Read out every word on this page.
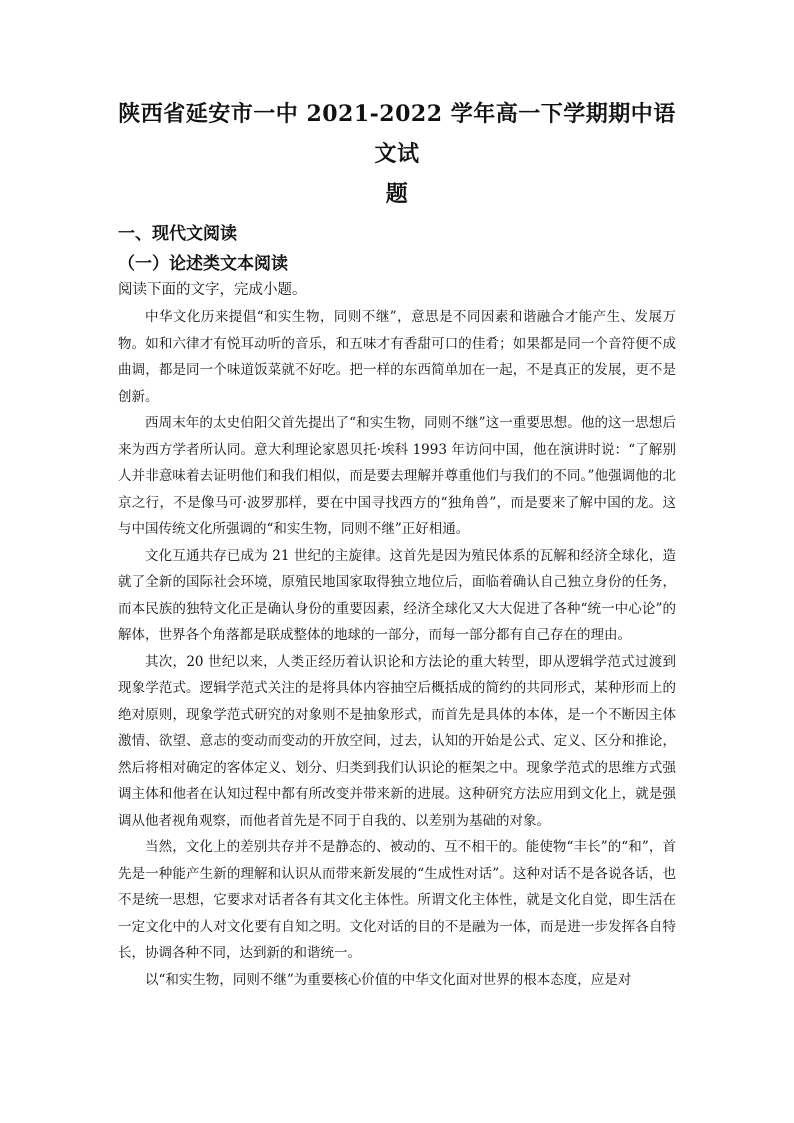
陕西省延安市一中 2021-2022 学年高一下学期期中语文试
题
一、现代文阅读
（一）论述类文本阅读
阅读下面的文字，完成小题。

中华文化历来提倡“和实生物，同则不继”，意思是不同因素和谐融合才能产生、发展万物。如和六律才有悦耳动听的音乐，和五味才有香甜可口的佳肴；如果都是同一个音符便不成曲调，都是同一个味道饭菜就不好吃。把一样的东西简单加在一起，不是真正的发展，更不是创新。

西周末年的太史伯阳父首先提出了“和实生物，同则不继”这一重要思想。他的这一思想后来为西方学者所认同。意大利理论家恩贝托·埃科 1993 年访问中国，他在演讲时说：“了解别人并非意味着去证明他们和我们相似，而是要去理解并尊重他们与我们的不同。”他强调他的北京之行，不是像马可·波罗那样，要在中国寻找西方的“独角兽”，而是要来了解中国的龙。这与中国传统文化所强调的“和实生物，同则不继”正好相通。

文化互通共存已成为 21 世纪的主旋律。这首先是因为殖民体系的瓦解和经济全球化，造就了全新的国际社会环境，原殖民地国家取得独立地位后，面临着确认自己独立身份的任务，而本民族的独特文化正是确认身份的重要因素，经济全球化又大大促进了各种“统一中心论”的解体，世界各个角落都是联成整体的地球的一部分，而每一部分都有自己存在的理由。

其次，20 世纪以来，人类正经历着认识论和方法论的重大转型，即从逻辑学范式过渡到现象学范式。逻辑学范式关注的是将具体内容抽空后概括成的简约的共同形式，某种形而上的绝对原则，现象学范式研究的对象则不是抽象形式，而首先是具体的本体，是一个不断因主体激情、欲望、意志的变动而变动的开放空间，过去，认知的开始是公式、定义、区分和推论，然后将相对确定的客体定义、划分、归类到我们认识论的框架之中。现象学范式的思维方式强调主体和他者在认知过程中都有所改变并带来新的进展。这种研究方法应用到文化上，就是强调从他者视角观察，而他者首先是不同于自我的、以差别为基础的对象。

当然，文化上的差别共存并不是静态的、被动的、互不相干的。能使物“丰长”的“和”，首先是一种能产生新的理解和认识从而带来新发展的“生成性对话”。这种对话不是各说各话，也不是统一思想，它要求对话者各有其文化主体性。所谓文化主体性，就是文化自觉，即生活在一定文化中的人对文化要有自知之明。文化对话的目的不是融为一体，而是进一步发挥各自特长，协调各种不同，达到新的和谐统一。

以“和实生物，同则不继”为重要核心价值的中华文化面对世界的根本态度，应是对
